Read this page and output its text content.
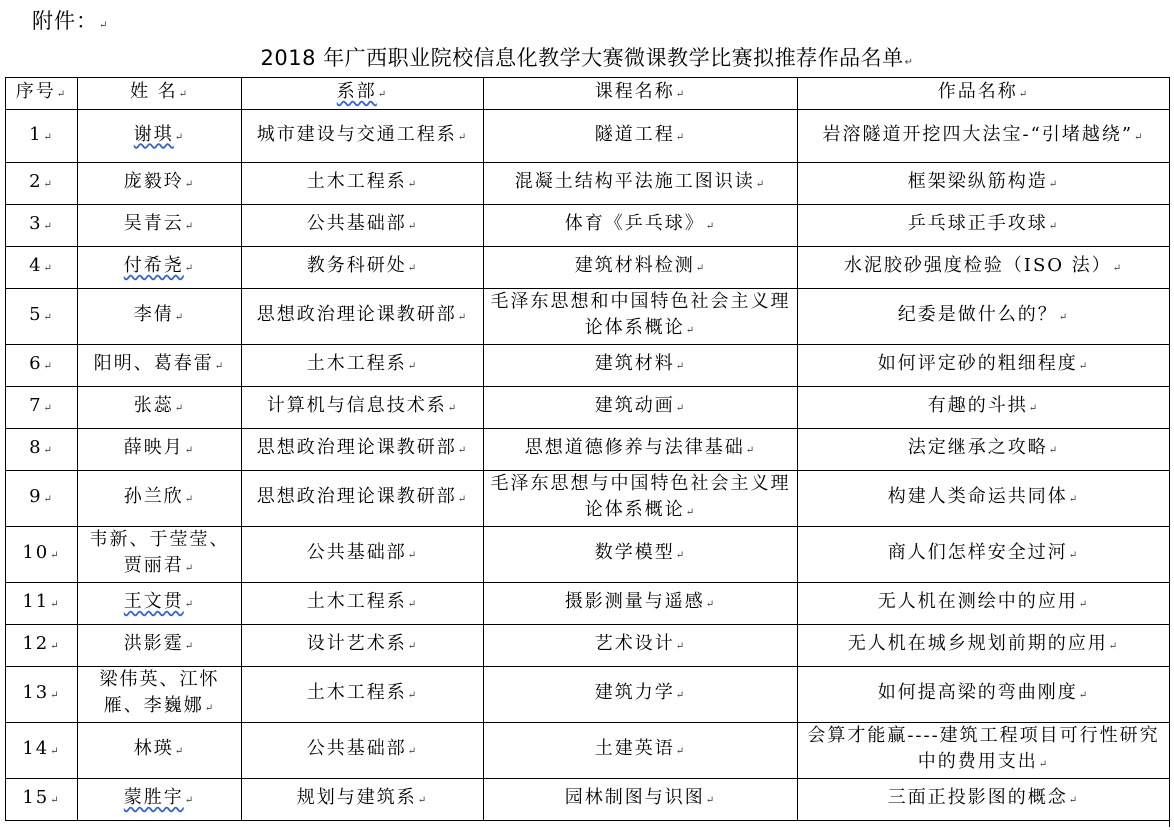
附件：↵
2018 年广西职业院校信息化教学大赛微课教学比赛拟推荐作品名单↵
序号↵	姓 名↵	系部↵	课程名称↵	作品名称↵
1↵	谢琪↵	城市建设与交通工程系↵	隧道工程↵	岩溶隧道开挖四大法宝-“引堵越绕”↵
2↵	庞毅玲↵	土木工程系↵	混凝土结构平法施工图识读↵	框架梁纵筋构造↵
3↵	吴青云↵	公共基础部↵	体育《乒乓球》↵	乒乓球正手攻球↵
4↵	付希尧↵	教务科研处↵	建筑材料检测↵	水泥胶砂强度检验（ISO 法）↵
5↵	李倩↵	思想政治理论课教研部↵	毛泽东思想和中国特色社会主义理论体系概论↵	纪委是做什么的？↵
6↵	阳明、葛春雷↵	土木工程系↵	建筑材料↵	如何评定砂的粗细程度↵
7↵	张蕊↵	计算机与信息技术系↵	建筑动画↵	有趣的斗拱↵
8↵	薛映月↵	思想政治理论课教研部↵	思想道德修养与法律基础↵	法定继承之攻略↵
9↵	孙兰欣↵	思想政治理论课教研部↵	毛泽东思想与中国特色社会主义理论体系概论↵	构建人类命运共同体↵
10↵	韦新、于莹莹、贾丽君↵	公共基础部↵	数学模型↵	商人们怎样安全过河↵
11↵	王文贯↵	土木工程系↵	摄影测量与遥感↵	无人机在测绘中的应用↵
12↵	洪影霆↵	设计艺术系↵	艺术设计↵	无人机在城乡规划前期的应用↵
13↵	梁伟英、江怀雁、李巍娜↵	土木工程系↵	建筑力学↵	如何提高梁的弯曲刚度↵
14↵	林瑛↵	公共基础部↵	土建英语↵	会算才能赢----建筑工程项目可行性研究中的费用支出↵
15↵	蒙胜宇↵	规划与建筑系↵	园林制图与识图↵	三面正投影图的概念↵
